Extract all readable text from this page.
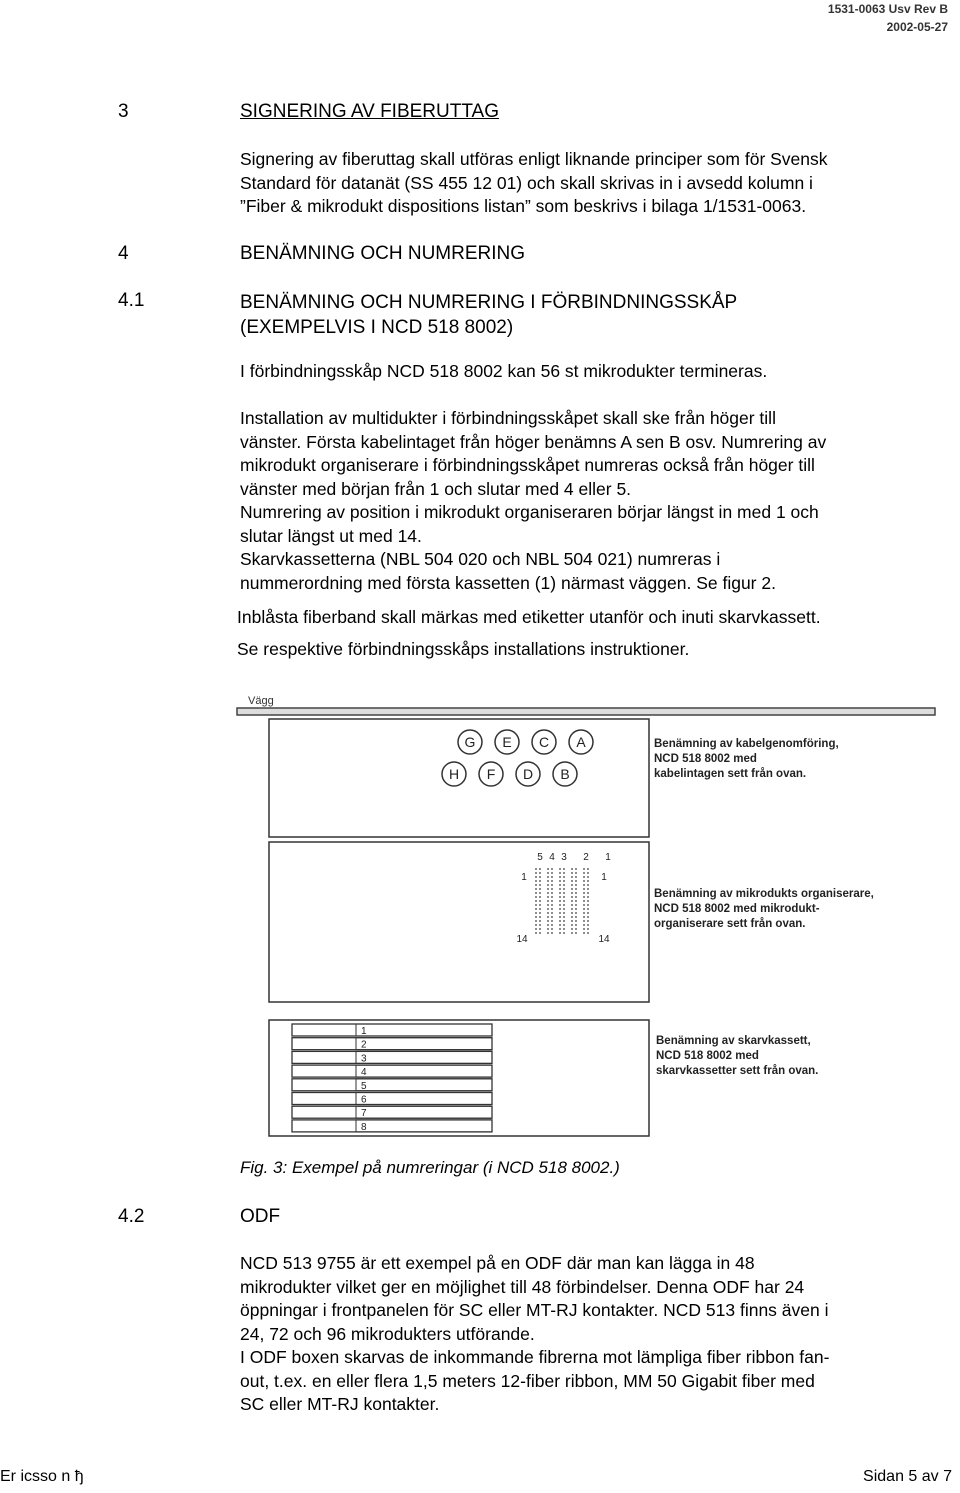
1531-0063 Usv Rev B
2002-05-27
3	SIGNERING AV FIBERUTTAG

Signering av fiberuttag skall utföras enligt liknande principer som för Svensk

Standard för datanät (SS 455 12 01) och skall skrivas in i avsedd kolumn i

”Fiber & mikrodukt dispositions listan” som beskrivs i bilaga 1/1531-0063.

4	BENÄMNING OCH NUMRERING
4.1	BENÄMNING OCH NUMRERING I FÖRBINDNINGSSKÅP
(EXEMPELVIS I NCD 518 8002)
I förbindningsskåp NCD 518 8002 kan 56 st mikrodukter termineras.

Installation av multidukter i förbindningsskåpet skall ske från höger till

vänster. Första kabelintaget från höger benämns A sen B osv. Numrering av

mikrodukt organiserare i förbindningsskåpet numreras också från höger till

vänster med början från 1 och slutar med 4 eller 5.

Numrering av position i mikrodukt organiseraren börjar längst in med 1 och

slutar längst ut med 14.

Skarvkassetterna (NBL 504 020 och NBL 504 021) numreras i

nummerordning med första kassetten (1) närmast väggen. Se figur 2.

Inblåsta fiberband skall märkas med etiketter utanför och inuti skarvkassett.
Se respektive förbindningsskåps installations instruktioner.
Vägg
G E C A
H F D B
5 4 3 2 1
1
14
1
14
1
2
3
4
5
6
7
8
Benämning av kabelgenomföring,
NCD 518 8002 med
kabelintagen sett från ovan.
Benämning av mikrodukts organiserare,
NCD 518 8002 med mikrodukt-
organiserare sett från ovan.
Benämning av skarvkassett,
NCD 518 8002 med
skarvkassetter sett från ovan.
Fig. 3: Exempel på numreringar (i NCD 518 8002.)
4.2	ODF

NCD 513 9755 är ett exempel på en ODF där man kan lägga in 48

mikrodukter vilket ger en möjlighet till 48 förbindelser. Denna ODF har 24

öppningar i frontpanelen för SC eller MT-RJ kontakter. NCD 513 finns även i

24, 72 och 96 mikrodukters utförande.

I ODF boxen skarvas de inkommande fibrerna mot lämpliga fiber ribbon fan-

out, t.ex. en eller flera 1,5 meters 12-fiber ribbon, MM 50 Gigabit fiber med

SC eller MT-RJ kontakter.

Er icsso n ђ	Sidan 5 av 7
